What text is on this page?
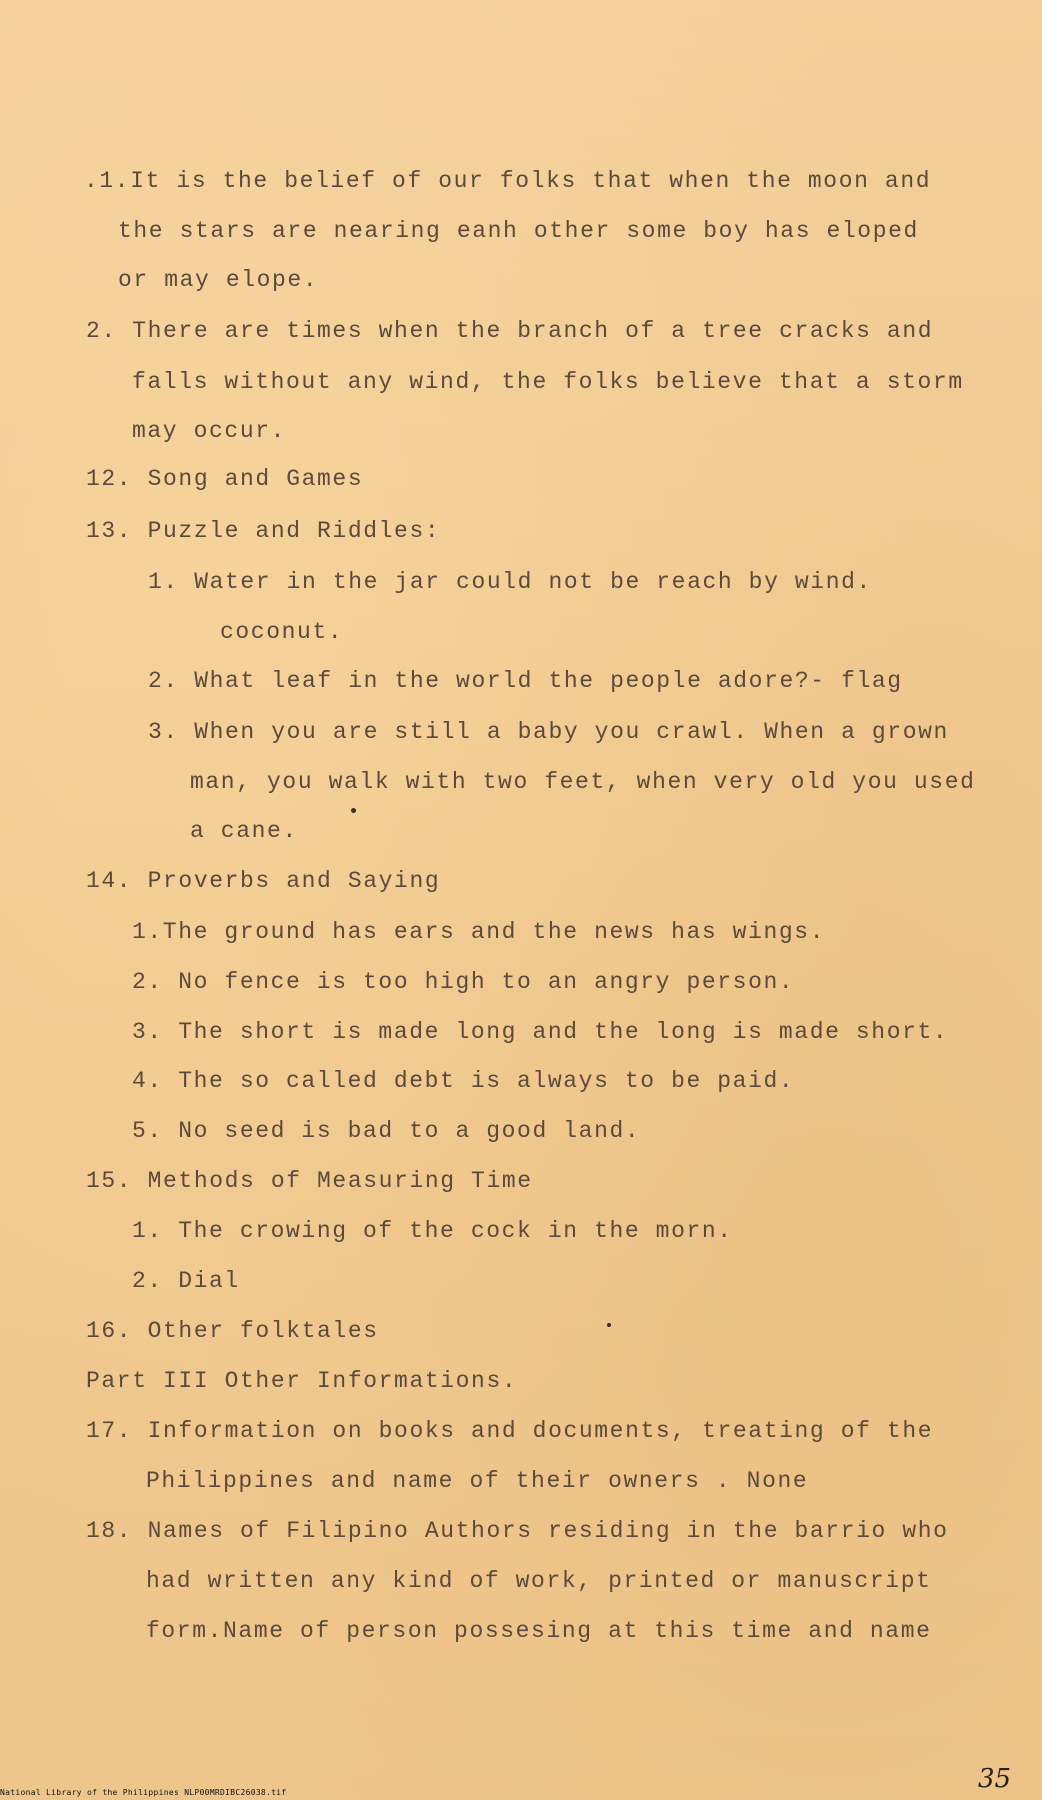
.1.It is the belief of our folks that when the moon and
the stars are nearing eanh other some boy has eloped
or may elope.
2. There are times when the branch of a tree cracks and
falls without any wind, the folks believe that a storm
may occur.
12. Song and Games
13. Puzzle and Riddles:
1. Water in the jar could not be reach by wind.
coconut.
2. What leaf in the world the people adore?- flag
3. When you are still a baby you crawl. When a grown
man, you walk with two feet, when very old you used
a cane.
14. Proverbs and Saying
1.The ground has ears and the news has wings.
2. No fence is too high to an angry person.
3. The short is made long and the long is made short.
4. The so called debt is always to be paid.
5. No seed is bad to a good land.
15. Methods of Measuring Time
1. The crowing of the cock in the morn.
2. Dial
16. Other folktales
Part III Other Informations.
17. Information on books and documents, treating of the
Philippines and name of their owners . None
18. Names of Filipino Authors residing in the barrio who
had written any kind of work, printed or manuscript
form.Name of person possesing at this time and name
35
National Library of the Philippines NLP00MRDIBC26038.tif
